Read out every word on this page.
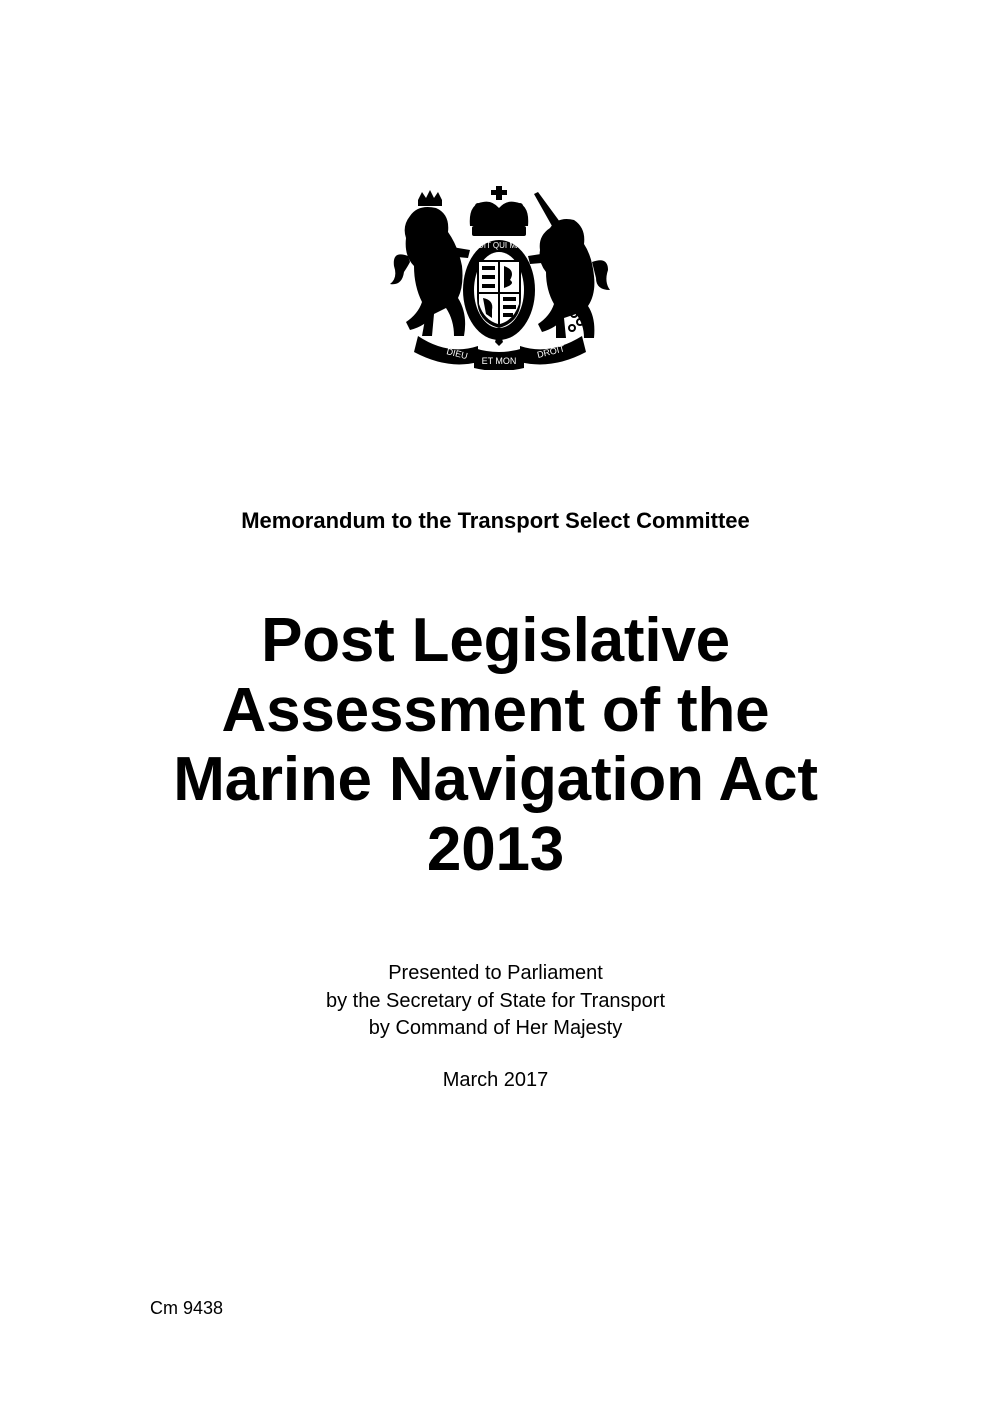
SOIT QUI MAL
DIEU ET MON
DROIT
Memorandum to the Transport Select Committee
Post Legislative
Assessment of the
Marine Navigation Act
2013
Presented to Parliament
by the Secretary of State for Transport
by Command of Her Majesty
March 2017
Cm 9438
